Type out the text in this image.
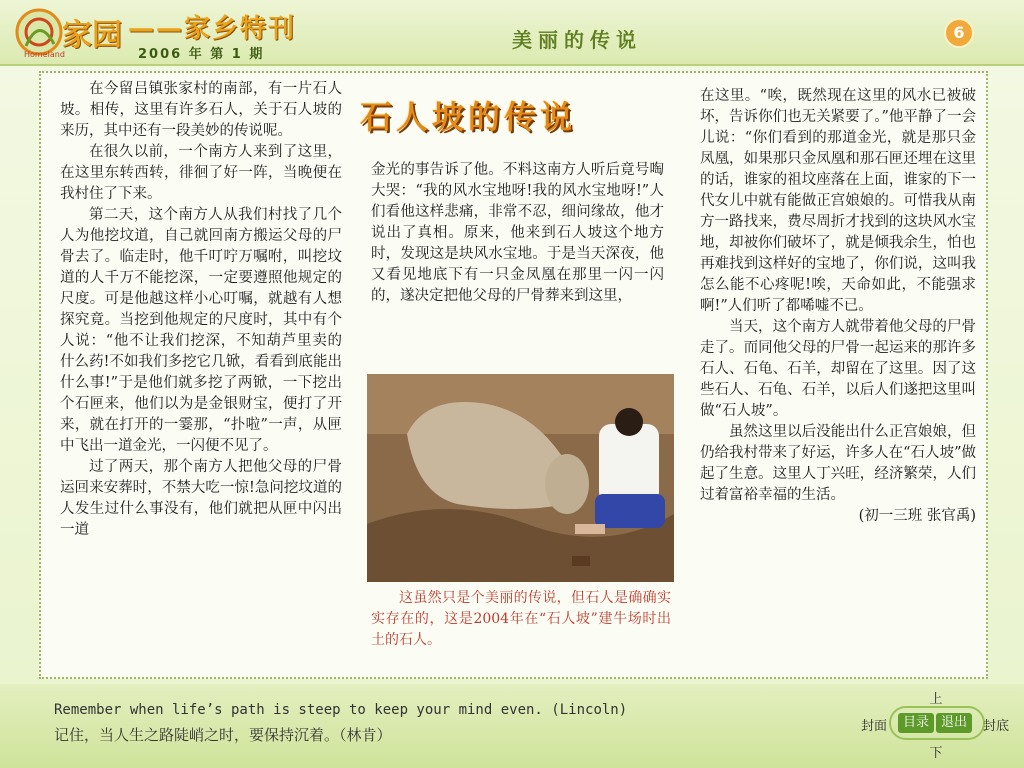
家园
Homeland
——家乡特刊
2006 年 第 1 期
美丽的传说	6

在今留吕镇张家村的南部，有一片石人坡。相传，这里有许多石人，关于石人坡的来历，其中还有一段美妙的传说呢。

在很久以前，一个南方人来到了这里，在这里东转西转，徘徊了好一阵，当晚便在我村住了下来。

第二天，这个南方人从我们村找了几个人为他挖坟道，自己就回南方搬运父母的尸骨去了。临走时，他千叮咛万嘱咐，叫挖坟道的人千万不能挖深，一定要遵照他规定的尺度。可是他越这样小心叮嘱，就越有人想探究竟。当挖到他规定的尺度时，其中有个人说：“他不让我们挖深，不知葫芦里卖的什么药!不如我们多挖它几锨，看看到底能出什么事!”于是他们就多挖了两锨，一下挖出个石匣来，他们以为是金银财宝，便打了开来，就在打开的一霎那，“扑啦”一声，从匣中飞出一道金光，一闪便不见了。

过了两天，那个南方人把他父母的尸骨运回来安葬时，不禁大吃一惊!急问挖坟道的人发生过什么事没有，他们就把从匣中闪出一道

石人坡的传说

金光的事告诉了他。不料这南方人听后竟号啕大哭：“我的风水宝地呀!我的风水宝地呀!”人们看他这样悲痛，非常不忍，细问缘故，他才说出了真相。原来，他来到石人坡这个地方时，发现这是块风水宝地。于是当天深夜，他又看见地底下有一只金凤凰在那里一闪一闪的，遂决定把他父母的尸骨葬来到这里，

这虽然只是个美丽的传说，但石人是确确实实存在的，这是2004年在“石人坡”建牛场时出土的石人。

在这里。“唉，既然现在这里的风水已被破坏，告诉你们也无关紧要了。”他平静了一会儿说：“你们看到的那道金光，就是那只金凤凰，如果那只金凤凰和那石匣还埋在这里的话，谁家的祖坟座落在上面，谁家的下一代女儿中就有能做正宫娘娘的。可惜我从南方一路找来，费尽周折才找到的这块风水宝地，却被你们破坏了，就是倾我余生，怕也再难找到这样好的宝地了，你们说，这叫我怎么能不心疼呢!唉，天命如此，不能强求啊!”人们听了都唏嘘不已。

当天，这个南方人就带着他父母的尸骨走了。而同他父母的尸骨一起运来的那许多石人、石龟、石羊，却留在了这里。因了这些石人、石龟、石羊，以后人们遂把这里叫做“石人坡”。

虽然这里以后没能出什么正宫娘娘，但仍给我村带来了好运，许多人在“石人坡”做起了生意。这里人丁兴旺，经济繁荣，人们过着富裕幸福的生活。

(初一三班 张官禹)

Remember when life’s path is steep to keep your mind even. (Lincoln)
记住，当人生之路陡峭之时，要保持沉着。（林肯）
上
下
封面	目录 退出	封底
